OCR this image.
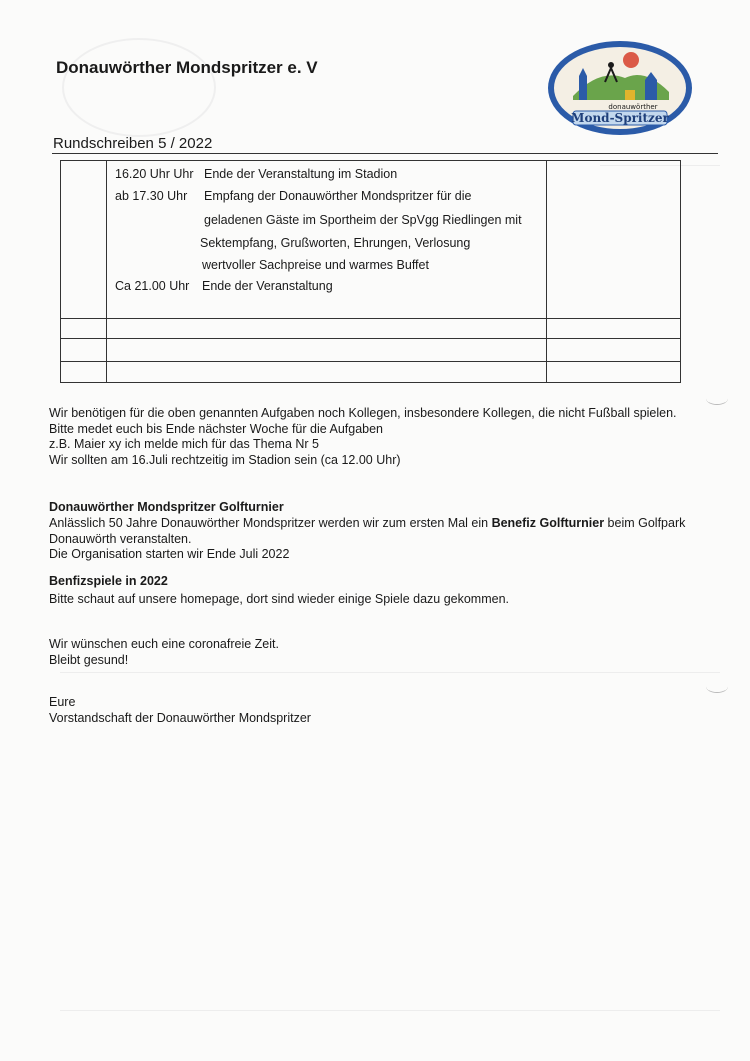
Donauwörther Mondspritzer e. V
Rundschreiben 5 / 2022
donauwörther
Mond-Spritzer
16.20 Uhr Uhr Ende der Veranstaltung im Stadion
ab 17.30 Uhr Empfang der Donauwörther Mondspritzer für die
geladenen Gäste im Sportheim der SpVgg Riedlingen mit
Sektempfang, Grußworten, Ehrungen, Verlosung
wertvoller Sachpreise und warmes Buffet
Ca 21.00 Uhr Ende der Veranstaltung
Wir benötigen für die oben genannten Aufgaben noch Kollegen, insbesondere Kollegen, die nicht Fußball spielen.
Bitte medet euch bis Ende nächster Woche für die Aufgaben
z.B. Maier xy ich melde mich für das Thema Nr 5
Wir sollten am 16.Juli rechtzeitig im Stadion sein (ca 12.00 Uhr)
Donauwörther Mondspritzer Golfturnier
Anlässlich 50 Jahre Donauwörther Mondspritzer werden wir zum ersten Mal ein Benefiz Golfturnier beim Golfpark Donauwörth veranstalten.
Die Organisation starten wir Ende Juli 2022
Benfizspiele in 2022
Bitte schaut auf unsere homepage, dort sind wieder einige Spiele dazu gekommen.
Wir wünschen euch eine coronafreie Zeit.
Bleibt gesund!
Eure
Vorstandschaft der Donauwörther Mondspritzer
